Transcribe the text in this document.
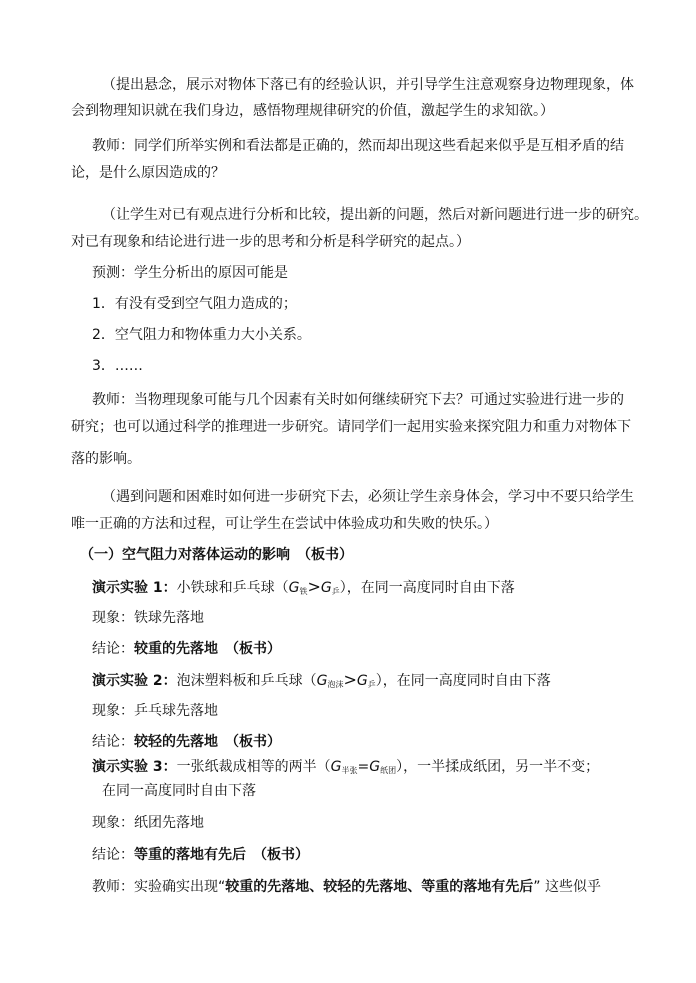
（提出悬念，展示对物体下落已有的经验认识，并引导学生注意观察身边物理现象，体
会到物理知识就在我们身边，感悟物理规律研究的价值，激起学生的求知欲。）
教师：同学们所举实例和看法都是正确的，然而却出现这些看起来似乎是互相矛盾的结
论，是什么原因造成的？
（让学生对已有观点进行分析和比较，提出新的问题，然后对新问题进行进一步的研究。
对已有现象和结论进行进一步的思考和分析是科学研究的起点。）
预测：学生分析出的原因可能是
1．有没有受到空气阻力造成的；
2．空气阻力和物体重力大小关系。
3．……
教师：当物理现象可能与几个因素有关时如何继续研究下去？可通过实验进行进一步的
研究；也可以通过科学的推理进一步研究。请同学们一起用实验来探究阻力和重力对物体下
落的影响。
（遇到问题和困难时如何进一步研究下去，必须让学生亲身体会，学习中不要只给学生
唯一正确的方法和过程，可让学生在尝试中体验成功和失败的快乐。）
（一）空气阻力对落体运动的影响　（板书）
演示实验 1：小铁球和乒乓球$(G_铁>G_乒)$，在同一高度同时自由下落
现象：铁球先落地
结论：较重的先落地　（板书）
演示实验 2：泡沫塑料板和乒乓球$(G_{泡沫}>G_乒)$，在同一高度同时自由下落
现象：乒乓球先落地
结论：较轻的先落地　（板书）
演示实验 3：一张纸裁成相等的两半$(G_{半张}=G_{纸团})$，一半揉成纸团，另一半不变；
在同一高度同时自由下落
现象：纸团先落地
结论：等重的落地有先后　（板书）
教师：实验确实出现“较重的先落地、较轻的先落地、等重的落地有先后” 这些似乎
